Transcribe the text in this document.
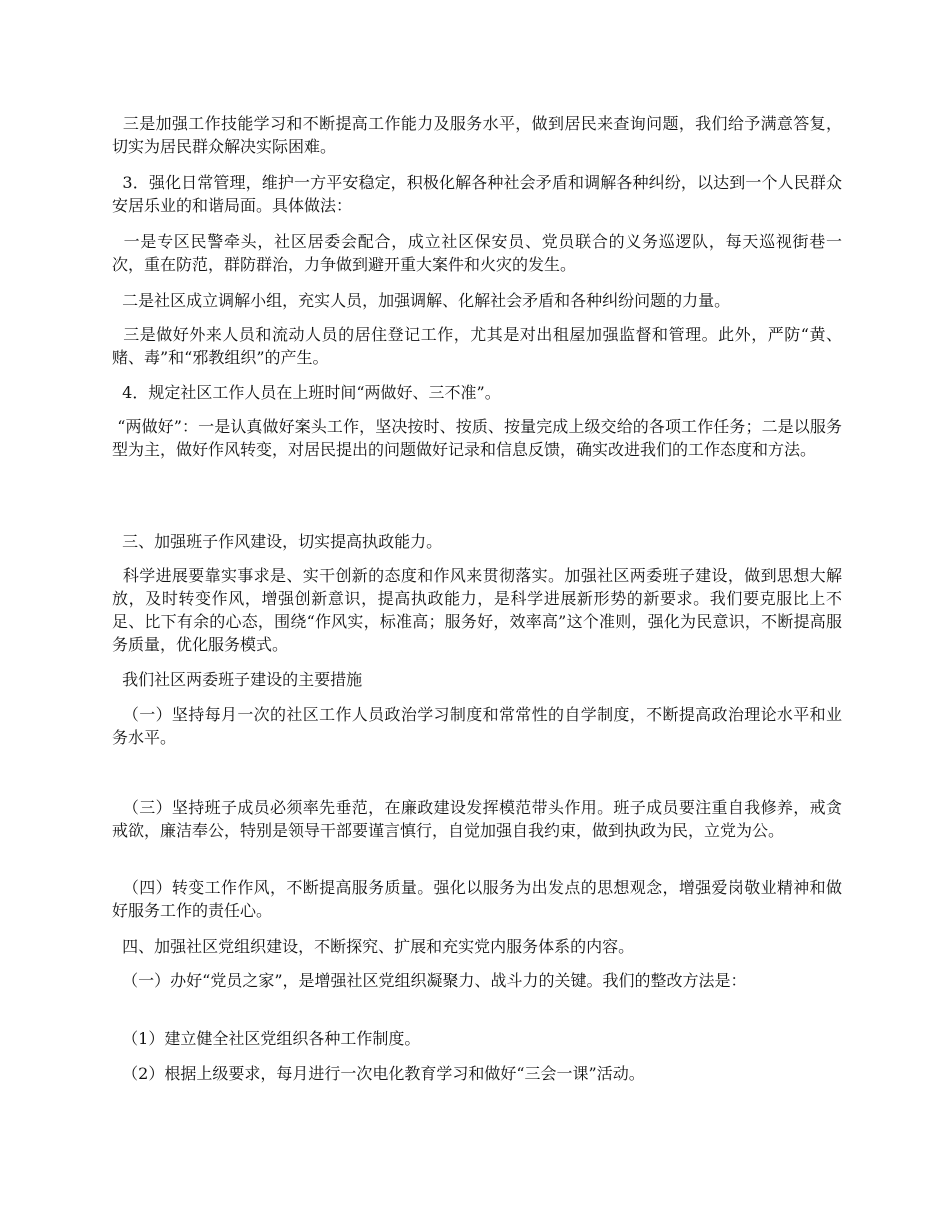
三是加强工作技能学习和不断提高工作能力及服务水平，做到居民来查询问题，我们给予满意答复，切实为居民群众解决实际困难。

3．强化日常管理，维护一方平安稳定，积极化解各种社会矛盾和调解各种纠纷，以达到一个人民群众安居乐业的和谐局面。具体做法：

一是专区民警牵头，社区居委会配合，成立社区保安员、党员联合的义务巡逻队，每天巡视街巷一次，重在防范，群防群治，力争做到避开重大案件和火灾的发生。

二是社区成立调解小组，充实人员，加强调解、化解社会矛盾和各种纠纷问题的力量。

三是做好外来人员和流动人员的居住登记工作，尤其是对出租屋加强监督和管理。此外，严防“黄、赌、毒”和“邪教组织”的产生。

4．规定社区工作人员在上班时间“两做好、三不准”。

“两做好”：一是认真做好案头工作，坚决按时、按质、按量完成上级交给的各项工作任务；二是以服务型为主，做好作风转变，对居民提出的问题做好记录和信息反馈，确实改进我们的工作态度和方法。

三、加强班子作风建设，切实提高执政能力。

科学进展要靠实事求是、实干创新的态度和作风来贯彻落实。加强社区两委班子建设，做到思想大解放，及时转变作风，增强创新意识，提高执政能力，是科学进展新形势的新要求。我们要克服比上不足、比下有余的心态，围绕“作风实，标准高；服务好，效率高”这个准则，强化为民意识，不断提高服务质量，优化服务模式。

我们社区两委班子建设的主要措施

（一）坚持每月一次的社区工作人员政治学习制度和常常性的自学制度，不断提高政治理论水平和业务水平。

（三）坚持班子成员必须率先垂范，在廉政建设发挥模范带头作用。班子成员要注重自我修养，戒贪戒欲，廉洁奉公，特别是领导干部要谨言慎行，自觉加强自我约束，做到执政为民，立党为公。

（四）转变工作作风，不断提高服务质量。强化以服务为出发点的思想观念，增强爱岗敬业精神和做好服务工作的责任心。

四、加强社区党组织建设，不断探究、扩展和充实党内服务体系的内容。

（一）办好“党员之家”，是增强社区党组织凝聚力、战斗力的关键。我们的整改方法是：

（1）建立健全社区党组织各种工作制度。

（2）根据上级要求，每月进行一次电化教育学习和做好“三会一课”活动。
